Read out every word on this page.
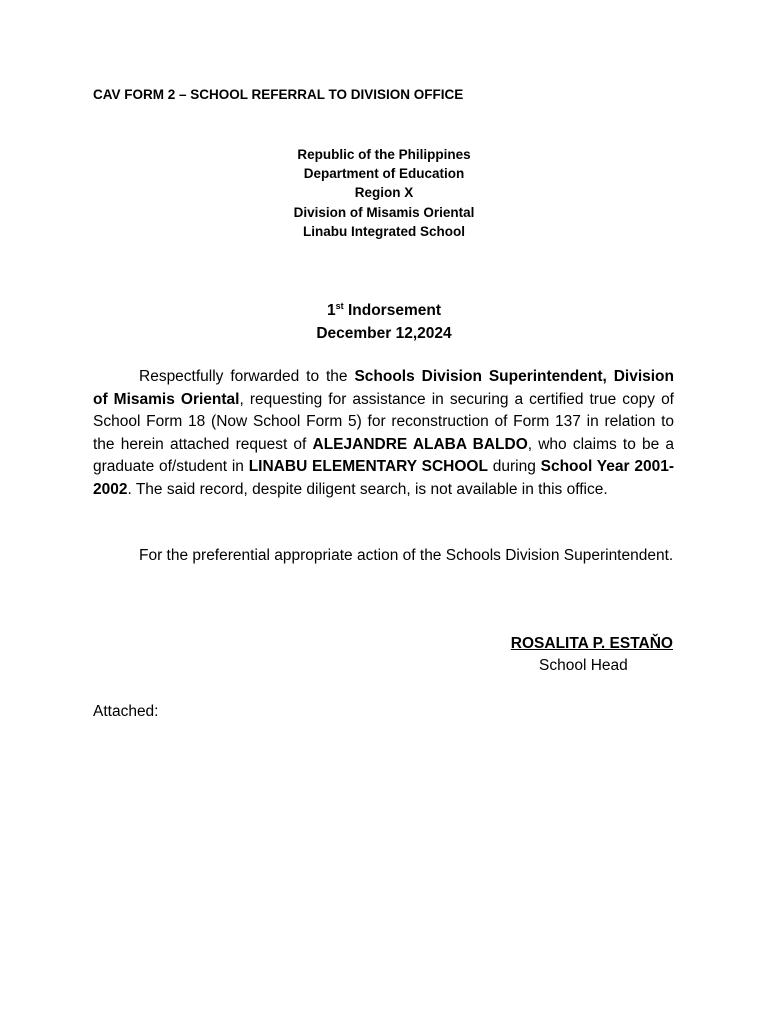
CAV FORM 2 – SCHOOL REFERRAL TO DIVISION OFFICE
Republic of the Philippines
Department of Education
Region X
Division of Misamis Oriental
Linabu Integrated School
1st Indorsement
December 12,2024

Respectfully forwarded to the Schools Division Superintendent, Division of Misamis Oriental, requesting for assistance in securing a certified true copy of School Form 18 (Now School Form 5) for reconstruction of Form 137 in relation to the herein attached request of ALEJANDRE ALABA BALDO, who claims to be a graduate of/student in LINABU ELEMENTARY SCHOOL during School Year 2001-2002. The said record, despite diligent search, is not available in this office.

For the preferential appropriate action of the Schools Division Superintendent.

ROSALITA P. ESTAŇO
School Head
Attached:
